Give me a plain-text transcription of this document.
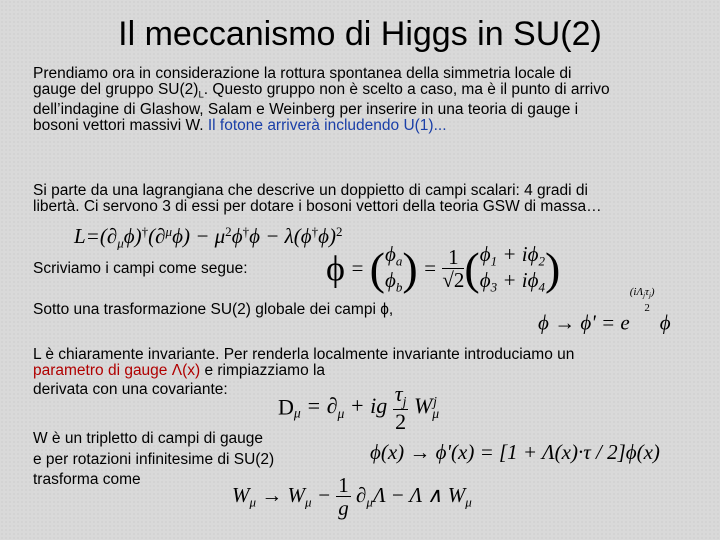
Il meccanismo di Higgs in SU(2)
Prendiamo ora in considerazione la rottura spontanea della simmetria locale di
gauge del gruppo $SU(2)_L$. Questo gruppo non è scelto a caso, ma è il punto di arrivo
dell’indagine di Glashow, Salam e Weinberg per inserire in una teoria di gauge i
bosoni vettori massivi W. Il fotone arriverà includendo U(1)...
Si parte da una lagrangiana che descrive un doppietto di campi scalari: 4 gradi di
libertà. Ci servono 3 di essi per dotare i bosoni vettori della teoria GSW di massa…
$L=(\partial_\mu\phi)^\dagger(\partial^\mu\phi) - \mu^2\phi^\dagger\phi - \lambda(\phi^\dagger\phi)^2$
Scriviamo i campi come segue: ϕ = ( $\phi_a$
$\phi_b$ ) = $\frac{1}{√2}$ ( $\phi_1 + i\phi_2$
$\phi_3 + i\phi_4$ )
Sotto una trasformazione SU(2) globale dei campi ϕ,
$\phi \to \phi' = e(i\Lambda_j\tau_j)$
2 ϕ
L è chiaramente invariante. Per renderla localmente invariante introduciamo un
parametro di gauge Λ(x) e rimpiazziamo la
derivata con una covariante:
$D_\mu = \partial_\mu$ + ig $\frac{\tau_j}{2} W_\mu^j$
W è un tripletto di campi di gauge
e per rotazioni infinitesime di SU(2)
trasforma come
ϕ(x) → ϕ'(x) = [1 + Λ(x)·τ / 2]ϕ(x)
$W_\mu \to W_\mu - \frac{1}{g} \partial_\mu\Lambda - \Lambda$ ∧ $W_\mu$
